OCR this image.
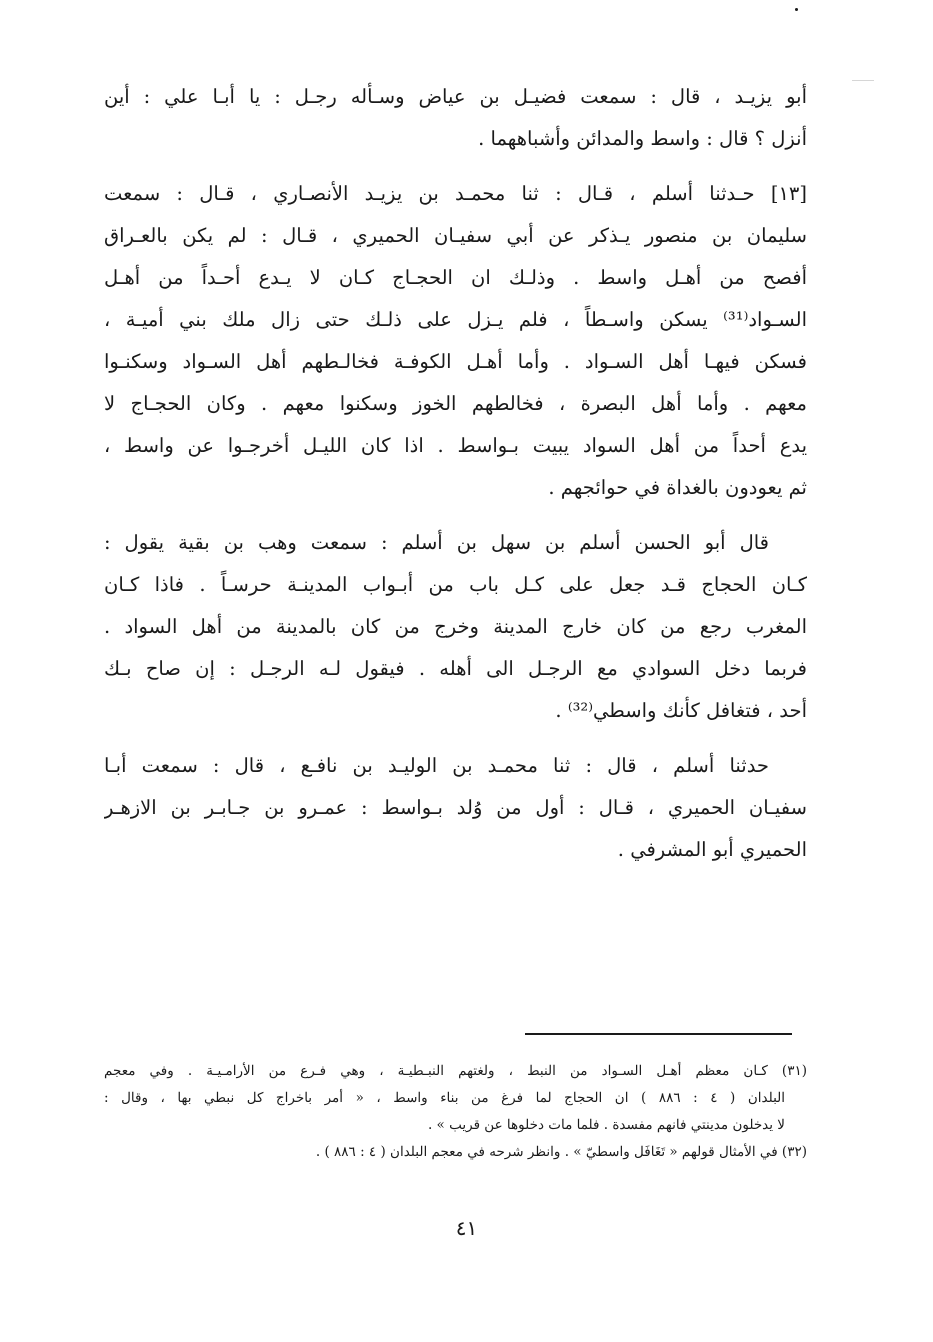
أبو يزيـد ، قال : سمعت فضيـل بن عياض وسـأله رجـل : يا أبـا علي : أين
أنزل ؟ قال : واسط والمدائن وأشباههما .
[١٣] حـدثنا أسلم ، قـال : ثنا محمـد بن يزيـد الأنصـاري ، قـال : سمعت
سليمان بن منصور يـذكر عن أبي سفيـان الحميري ، قـال : لم يكن بالعـراق
أفصح من أهـل واسط . وذلـك ان الحجـاج كـان لا يـدع أحـداً من أهـل
السـواد⁽³¹⁾ يسكن واسـطاً ، فلم يـزل على ذلـك حتى زال ملك بني أميـة ،
فسكن فيهـا أهل السـواد . وأما أهـل الكوفـة فخالـطهم أهل السـواد وسكنـوا
معهم . وأما أهل البصرة ، فخالطهم الخوز وسكنوا معهم . وكان الحجـاج لا
يدع أحداً من أهل السواد يبيت بـواسط . اذا كان الليـل أخرجـوا عن واسط ،
ثم يعودون بالغداة في حوائجهم .
قال أبو الحسن أسلم بن سهل بن أسلم : سمعت وهب بن بقية يقول :
كـان الحجاج قـد جعل على كـل باب من أبـواب المدينـة حرسـاً . فاذا كـان
المغرب رجع من كان خارج المدينة وخرج من كان بالمدينة من أهل السواد .
فربما دخل السوادي مع الرجـل الى أهله . فيقول لـه الرجـل : إن صاح بـك
أحد ، فتغافل كأنك واسطي⁽³²⁾ .
حدثنا أسلم ، قال : ثنا محمـد بن الوليـد بن نافـع ، قال : سمعت أبـا
سفيـان الحميري ، قـال : أول من وُلد بـواسط : عمـرو بن جـابـر بن الازهـر
الحميري أبو المشرفي .
(٣١) كـان معظم أهـل السـواد من النبط ، ولغتهم النبـطيـة ، وهي فـرع من الأرامـيـة . وفي معجم
البلدان ( ٤ : ٨٨٦ ) ان الحجاج لما فرغ من بناء واسط ، « أمر باخراج كل نبطي بها ، وقال :
لا يدخلون مدينتي فانهم مفسدة . فلما مات دخلوها عن قريب » .
(٣٢) في الأمثال قولهم « تَغَافَل واسطيّ » . وانظر شرحه في معجم البلدان ( ٤ : ٨٨٦ ) .
٤١
